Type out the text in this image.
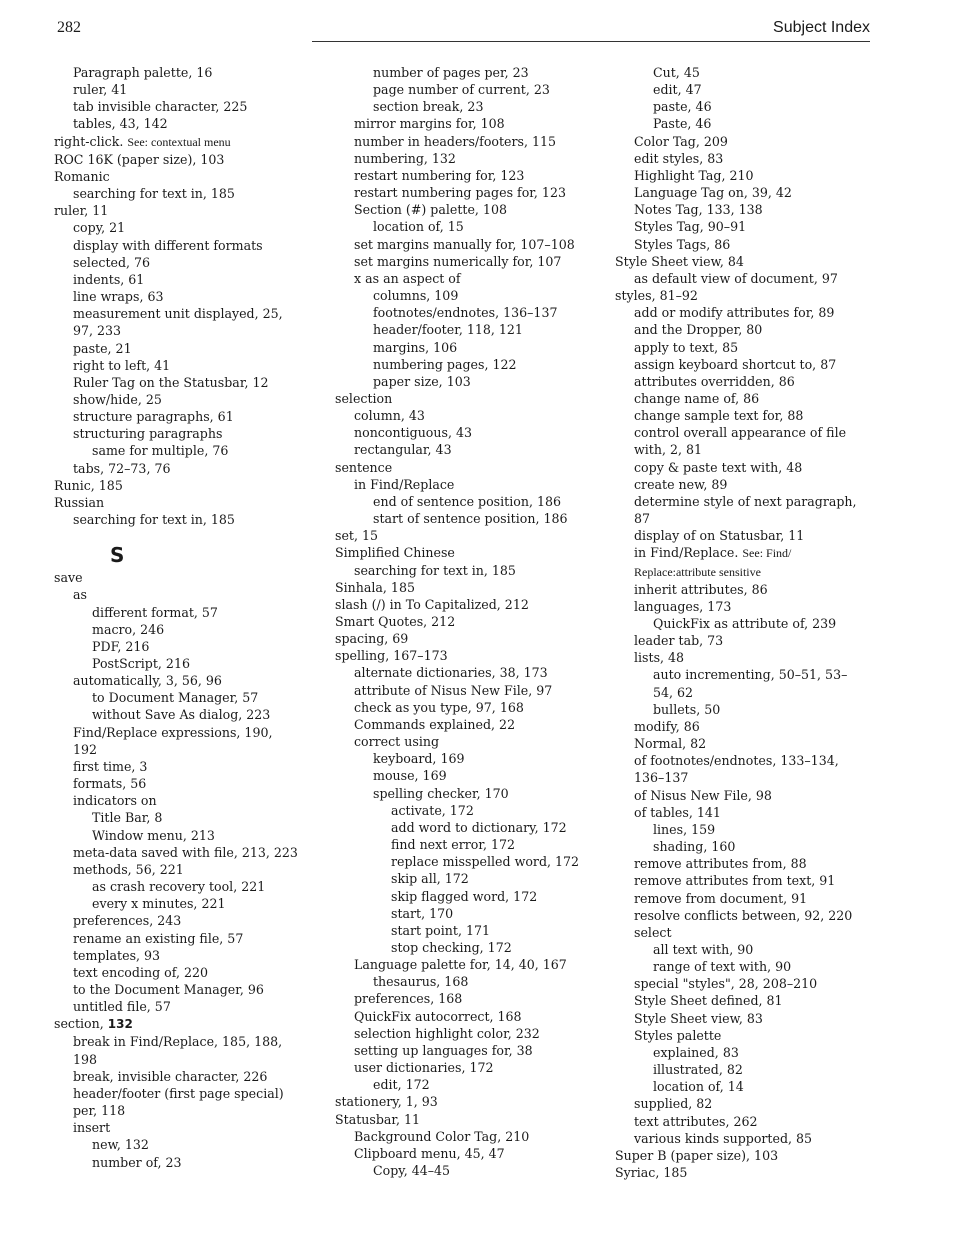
282	Subject Index
Paragraph palette, 16
ruler, 41
tab invisible character, 225
tables, 43, 142
right-click. See: contextual menu
ROC 16K (paper size), 103
Romanic
searching for text in, 185
ruler, 11
copy, 21
display with different formats
selected, 76
indents, 61
line wraps, 63
measurement unit displayed, 25,
97, 233
paste, 21
right to left, 41
Ruler Tag on the Statusbar, 12
show/hide, 25
structure paragraphs, 61
structuring paragraphs
same for multiple, 76
tabs, 72–73, 76
Runic, 185
Russian
searching for text in, 185
S
save
as
different format, 57
macro, 246
PDF, 216
PostScript, 216
automatically, 3, 56, 96
to Document Manager, 57
without Save As dialog, 223
Find/Replace expressions, 190,
192
first time, 3
formats, 56
indicators on
Title Bar, 8
Window menu, 213
meta-data saved with file, 213, 223
methods, 56, 221
as crash recovery tool, 221
every x minutes, 221
preferences, 243
rename an existing file, 57
templates, 93
text encoding of, 220
to the Document Manager, 96
untitled file, 57
section, 132
break in Find/Replace, 185, 188,
198
break, invisible character, 226
header/footer (first page special)
per, 118
insert
new, 132
number of, 23
number of pages per, 23
page number of current, 23
section break, 23
mirror margins for, 108
number in headers/footers, 115
numbering, 132
restart numbering for, 123
restart numbering pages for, 123
Section (#) palette, 108
location of, 15
set margins manually for, 107–108
set margins numerically for, 107
x as an aspect of
columns, 109
footnotes/endnotes, 136–137
header/footer, 118, 121
margins, 106
numbering pages, 122
paper size, 103
selection
column, 43
noncontiguous, 43
rectangular, 43
sentence
in Find/Replace
end of sentence position, 186
start of sentence position, 186
set, 15
Simplified Chinese
searching for text in, 185
Sinhala, 185
slash (/) in To Capitalized, 212
Smart Quotes, 212
spacing, 69
spelling, 167–173
alternate dictionaries, 38, 173
attribute of Nisus New File, 97
check as you type, 97, 168
Commands explained, 22
correct using
keyboard, 169
mouse, 169
spelling checker, 170
activate, 172
add word to dictionary, 172
find next error, 172
replace misspelled word, 172
skip all, 172
skip flagged word, 172
start, 170
start point, 171
stop checking, 172
Language palette for, 14, 40, 167
thesaurus, 168
preferences, 168
QuickFix autocorrect, 168
selection highlight color, 232
setting up languages for, 38
user dictionaries, 172
edit, 172
stationery, 1, 93
Statusbar, 11
Background Color Tag, 210
Clipboard menu, 45, 47
Copy, 44–45
Cut, 45
edit, 47
paste, 46
Paste, 46
Color Tag, 209
edit styles, 83
Highlight Tag, 210
Language Tag on, 39, 42
Notes Tag, 133, 138
Styles Tag, 90–91
Styles Tags, 86
Style Sheet view, 84
as default view of document, 97
styles, 81–92
add or modify attributes for, 89
and the Dropper, 80
apply to text, 85
assign keyboard shortcut to, 87
attributes overridden, 86
change name of, 86
change sample text for, 88
control overall appearance of file
with, 2, 81
copy & paste text with, 48
create new, 89
determine style of next paragraph,
87
display of on Statusbar, 11
in Find/Replace. See: Find/
Replace:attribute sensitive
inherit attributes, 86
languages, 173
QuickFix as attribute of, 239
leader tab, 73
lists, 48
auto incrementing, 50–51, 53–
54, 62
bullets, 50
modify, 86
Normal, 82
of footnotes/endnotes, 133–134,
136–137
of Nisus New File, 98
of tables, 141
lines, 159
shading, 160
remove attributes from, 88
remove attributes from text, 91
remove from document, 91
resolve conflicts between, 92, 220
select
all text with, 90
range of text with, 90
special "styles", 28, 208–210
Style Sheet defined, 81
Style Sheet view, 83
Styles palette
explained, 83
illustrated, 82
location of, 14
supplied, 82
text attributes, 262
various kinds supported, 85
Super B (paper size), 103
Syriac, 185
